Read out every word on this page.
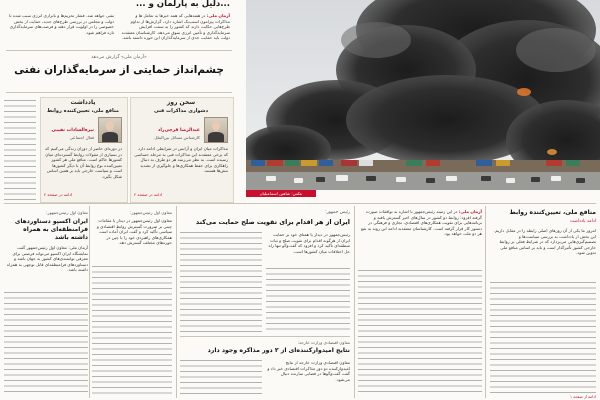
...دلیل به پارلمان و ...
آرمان ملی: در هفته‌هایی که همه خبرها به تعامل ها و مذاکرات پیرامون اسنپ‌بک اشاره دارد، گزارش‌ها از تداوم طرح‌هایی حکایت دارند که کشور را به سمت افزایش سرمایه‌گذاری و تأمین انرژی سوق می‌دهد. کارشناسان معتقدند دولت باید حمایت جدی از سرمایه‌گذاران این حوزه داشته باشد.
نفتی خواهد شد. فشار تحریم‌ها و ناترازی انرژی سبب شده تا دولت و مجلس در بررسی طرح‌های جدید، حمایت از بخش خصوصی را در اولویت قرار دهند و فرصت‌های سرمایه‌گذاری تازه فراهم شود.
«آرمان ملی» گزارش می‌دهد
چشم‌انداز حمایتی از سرمایه‌گذاران نفتی
یادداشت
منافع ملی، تعیین‌کننده روابط
نیره‌السادات نقیبی
فعال اجتماعی
در دوره‌ای حاضر از دوران زندگی می‌کنیم که در بسیاری از مقولات روابط گسترده‌ای میان کشورها حاکم است. منافع ملی هر کشور تعیین‌کننده نوع روابط آن با دیگر کشورها است و سیاست خارجی باید بر همین اساس شکل بگیرد.
ادامه در صفحه ۴
سخن روز
دشواری مذاکرات فنی
عبدالرضا فرجی‌راد
کارشناس مسائل بین‌الملل
مذاکرات میان ایران و آژانس در شرایطی ادامه دارد که برخی معتقدند این مذاکرات فنی به مرحله حساسی رسیده است. به نظر می‌رسد هر دو طرف به دنبال راهکاری برای حفظ همکاری‌ها و جلوگیری از تشدید تنش‌ها هستند.
ادامه در صفحه ۴	عکس: شاهین اسماعیلیان
منافع ملی، تعیین‌کننده روابط
ادامه یادداشت
امروز ما یکی از آن روزهای اصلی رابطه را در مقابل داریم. این بخش از یادداشت به بررسی سیاست‌ها و تصمیم‌گیری‌هایی می‌پردازد که در شرایط فعلی بر روابط خارجی کشور تأثیرگذار است و باید بر اساس منافع ملی تدوین شود.
ادامه از صفحه ۱
آرمان ملی: در این زمینه رئیس‌جمهور با اشاره به توافقات صورت گرفته افزود: روابط دو کشور در سال‌های اخیر گسترش یافته و برنامه‌هایی برای تقویت همکاری‌های اقتصادی، تجاری و فرهنگی در دستور کار قرار گرفته است. کارشناسان معتقدند ادامه این روند به نفع هر دو ملت خواهد بود.
رئیس جمهور:
ایران از هر اقدام برای تقویت صلح حمایت می‌کند
رئیس‌جمهور در دیدار با همتای خود بر حمایت ایران از هرگونه اقدام برای تقویت صلح و ثبات منطقه‌ای تأکید کرد و افزود که گفت‌وگو تنها راه حل اختلافات میان کشورها است.
معاون اقتصادی وزارت خارجه:
نتایج امیدوارکننده‌ای از ۲ دور مذاکره وجود دارد
معاون اقتصادی وزارت خارجه از نتایج امیدوارکننده دو دور مذاکرات اقتصادی خبر داد و گفت گفت‌وگوها در فضایی سازنده دنبال می‌شود.
معاون اول رئیس‌جمهور:
معاون اول رئیس‌جمهور در دیدار با مقامات چینی بر ضرورت گسترش روابط اقتصادی و سیاسی تأکید کرد و گفت ایران آماده است همکاری‌های راهبردی خود را با چین در حوزه‌های مختلف گسترش دهد.
معاون اول رئیس‌جمهور:
ایران اکسپو دستاوردهای فرامنطقه‌ای به همراه داشته باشد
آرمان ملی: معاون اول رئیس‌جمهور گفت نمایشگاه ایران اکسپو می‌تواند فرصتی برای معرفی توانمندی‌های کشور به جهان باشد و دستاوردهای فرامنطقه‌ای قابل توجهی به همراه داشته باشد.
